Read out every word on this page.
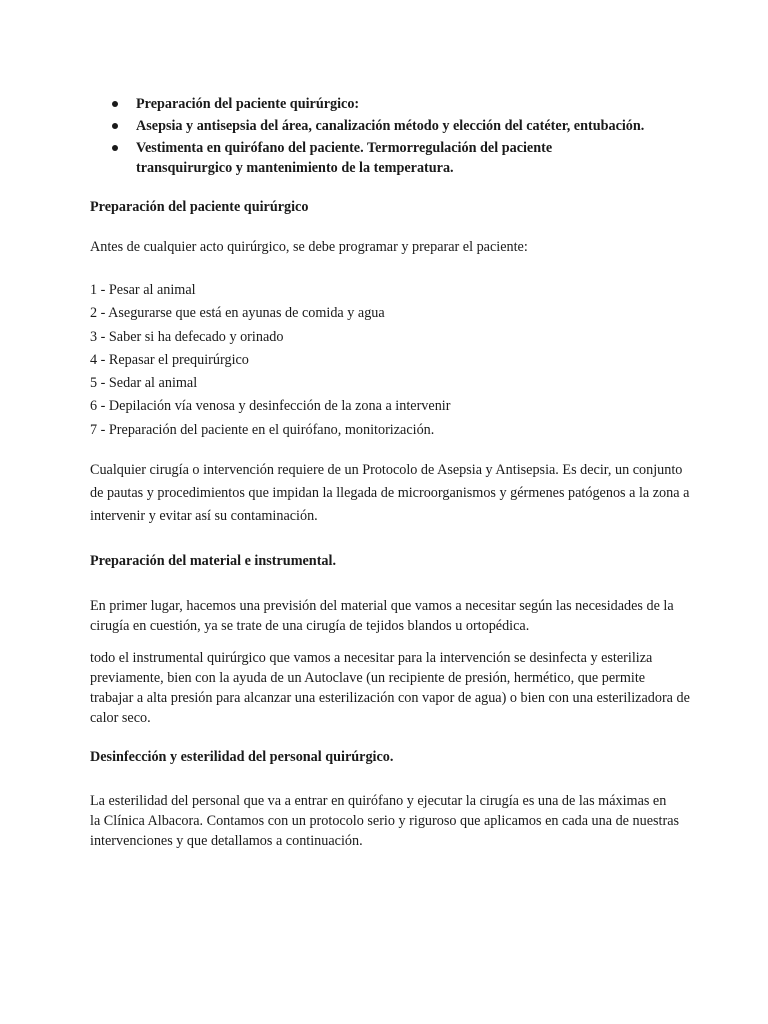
Preparación del paciente quirúrgico:
Asepsia y antisepsia del área, canalización método y elección del catéter, entubación.
Vestimenta en quirófano del paciente. Termorregulación del paciente transquirurgico y mantenimiento de la temperatura.
Preparación del paciente quirúrgico

Antes de cualquier acto quirúrgico, se debe programar y preparar el paciente:

1 - Pesar al animal
2 - Asegurarse que está en ayunas de comida y agua
3 - Saber si ha defecado y orinado
4 - Repasar el prequirúrgico
5 - Sedar al animal
6 - Depilación vía venosa y desinfección de la zona a intervenir
7 - Preparación del paciente en el quirófano, monitorización.

Cualquier cirugía o intervención requiere de un Protocolo de Asepsia y Antisepsia. Es decir, un conjunto de pautas y procedimientos que impidan la llegada de microorganismos y gérmenes patógenos a la zona a intervenir y evitar así su contaminación.

Preparación del material e instrumental.

En primer lugar, hacemos una previsión del material que vamos a necesitar según las necesidades de la cirugía en cuestión, ya se trate de una cirugía de tejidos blandos u ortopédica.

todo el instrumental quirúrgico que vamos a necesitar para la intervención se desinfecta y esteriliza previamente, bien con la ayuda de un Autoclave (un recipiente de presión, hermético, que permite trabajar a alta presión para alcanzar una esterilización con vapor de agua) o bien con una esterilizadora de calor seco.

Desinfección y esterilidad del personal quirúrgico.

La esterilidad del personal que va a entrar en quirófano y ejecutar la cirugía es una de las máximas en la Clínica Albacora. Contamos con un protocolo serio y riguroso que aplicamos en cada una de nuestras intervenciones y que detallamos a continuación.
